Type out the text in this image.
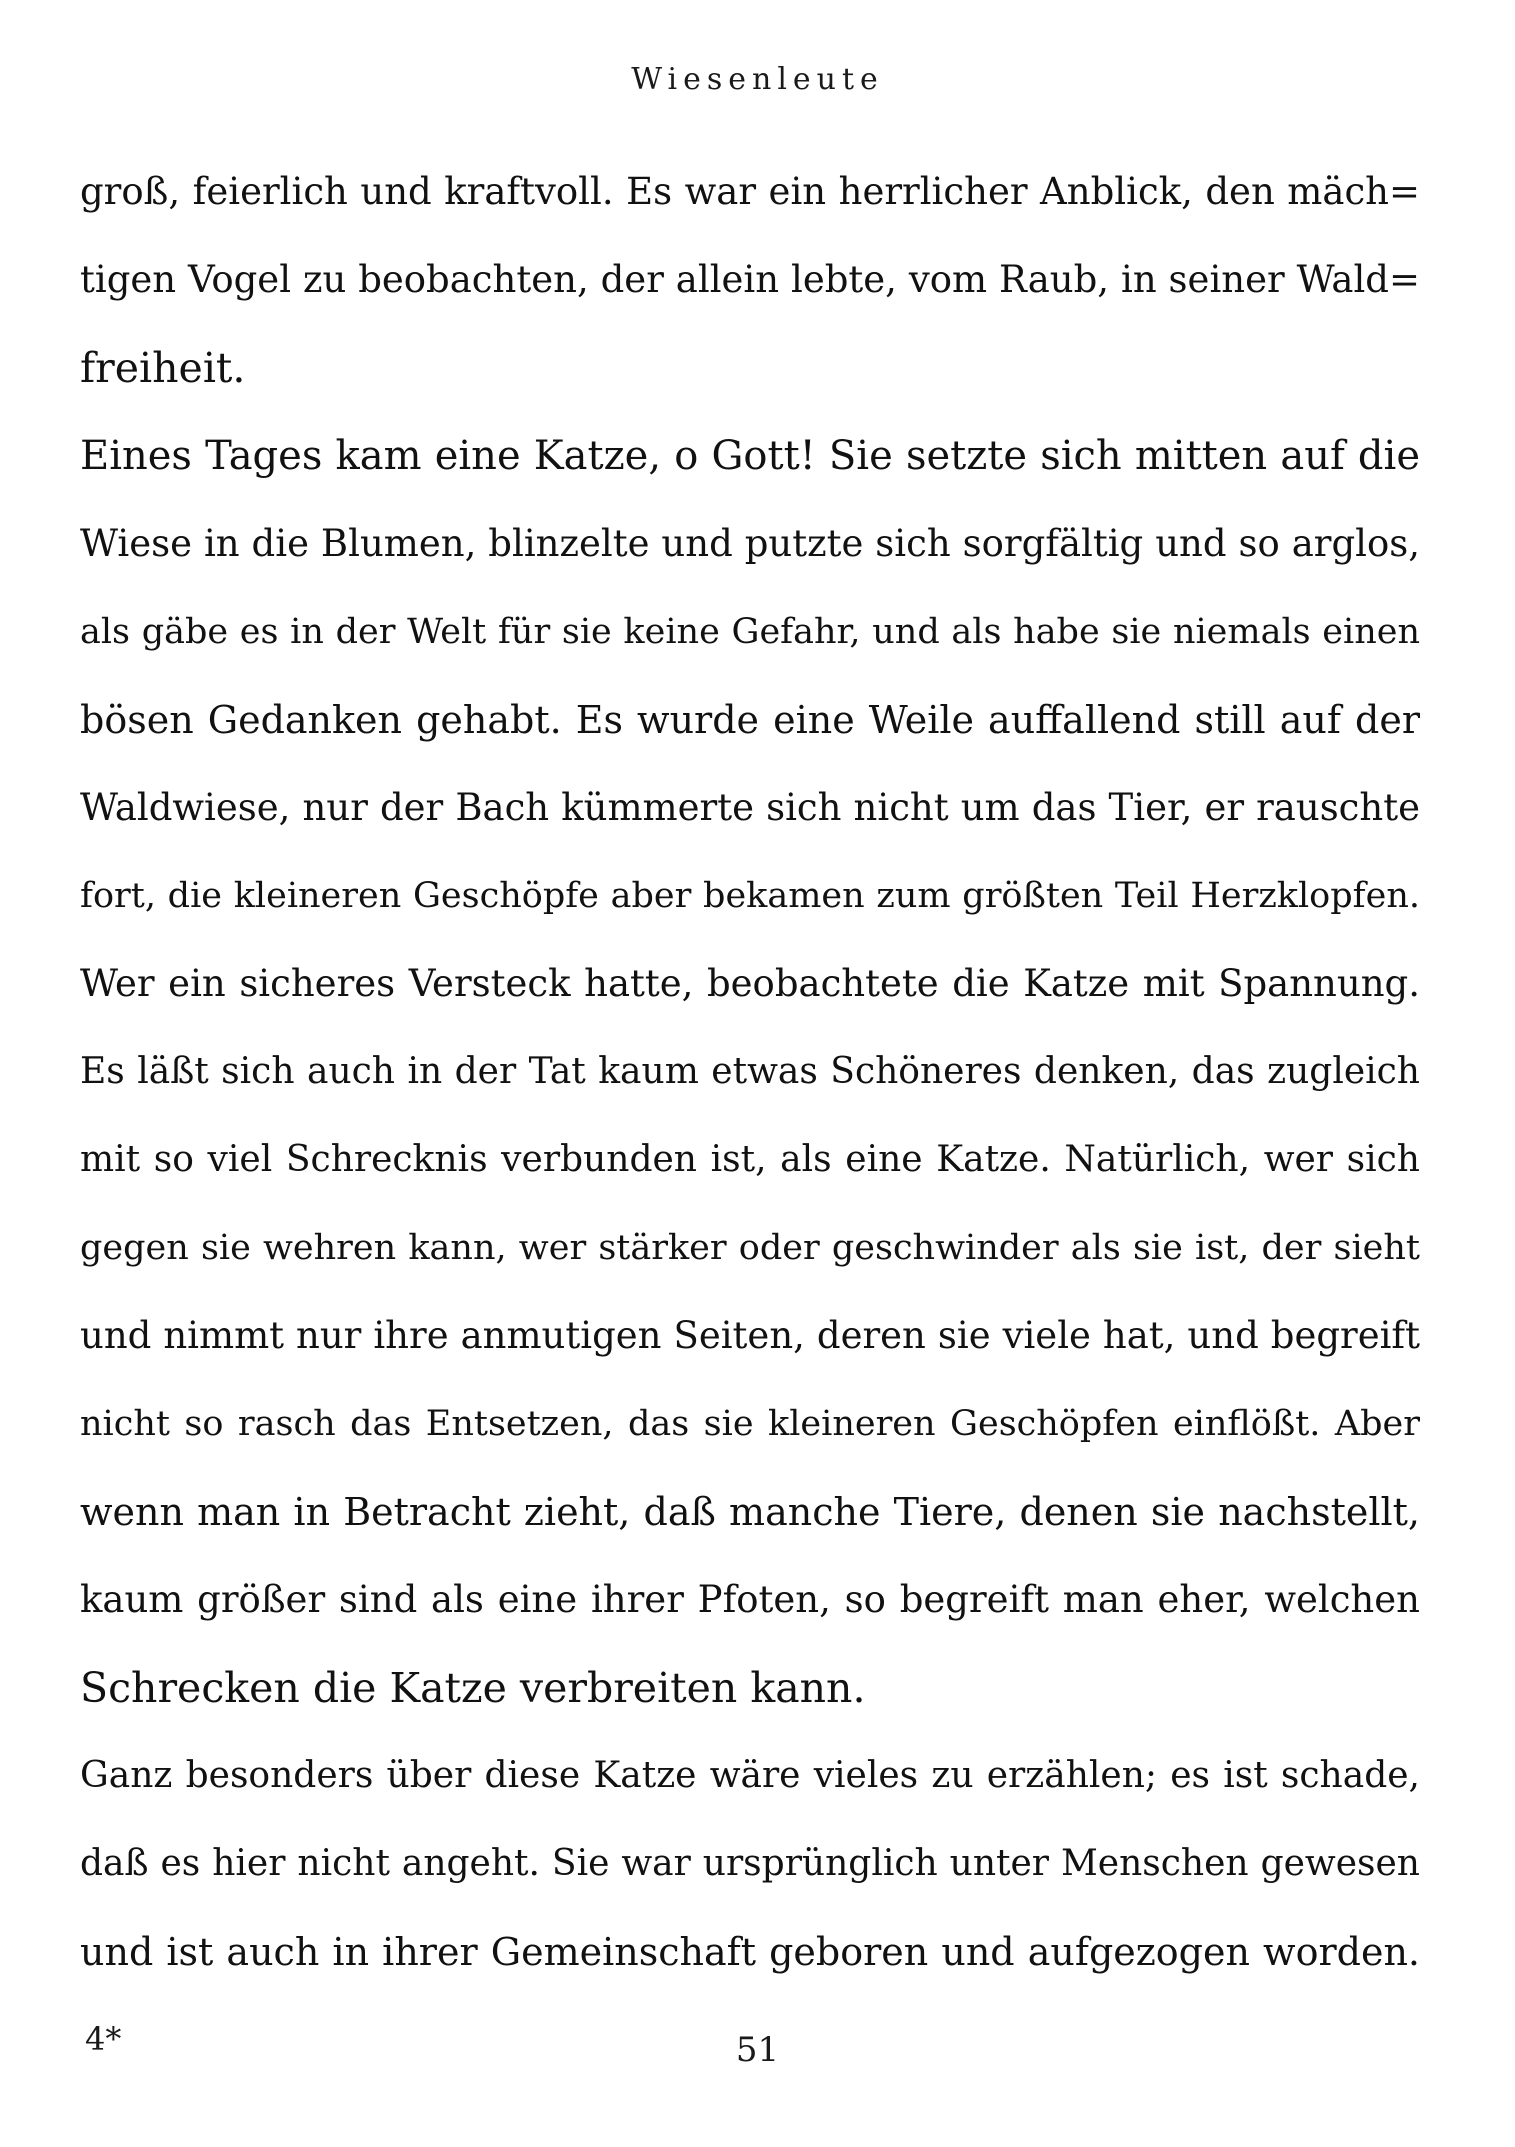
Wiesenleute
groß, feierlich und kraftvoll. Es war ein herrlicher Anblick, den mäch=
tigen Vogel zu beobachten, der allein lebte, vom Raub, in seiner Wald=
freiheit.
Eines Tages kam eine Katze, o Gott! Sie setzte sich mitten auf die
Wiese in die Blumen, blinzelte und putzte sich sorgfältig und so arglos,
als gäbe es in der Welt für sie keine Gefahr, und als habe sie niemals einen
bösen Gedanken gehabt. Es wurde eine Weile auffallend still auf der
Waldwiese, nur der Bach kümmerte sich nicht um das Tier, er rauschte
fort, die kleineren Geschöpfe aber bekamen zum größten Teil Herzklopfen.
Wer ein sicheres Versteck hatte, beobachtete die Katze mit Spannung.
Es läßt sich auch in der Tat kaum etwas Schöneres denken, das zugleich
mit so viel Schrecknis verbunden ist, als eine Katze. Natürlich, wer sich
gegen sie wehren kann, wer stärker oder geschwinder als sie ist, der sieht
und nimmt nur ihre anmutigen Seiten, deren sie viele hat, und begreift
nicht so rasch das Entsetzen, das sie kleineren Geschöpfen einflößt. Aber
wenn man in Betracht zieht, daß manche Tiere, denen sie nachstellt,
kaum größer sind als eine ihrer Pfoten, so begreift man eher, welchen
Schrecken die Katze verbreiten kann.
Ganz besonders über diese Katze wäre vieles zu erzählen; es ist schade,
daß es hier nicht angeht. Sie war ursprünglich unter Menschen gewesen
und ist auch in ihrer Gemeinschaft geboren und aufgezogen worden.
4*	51
